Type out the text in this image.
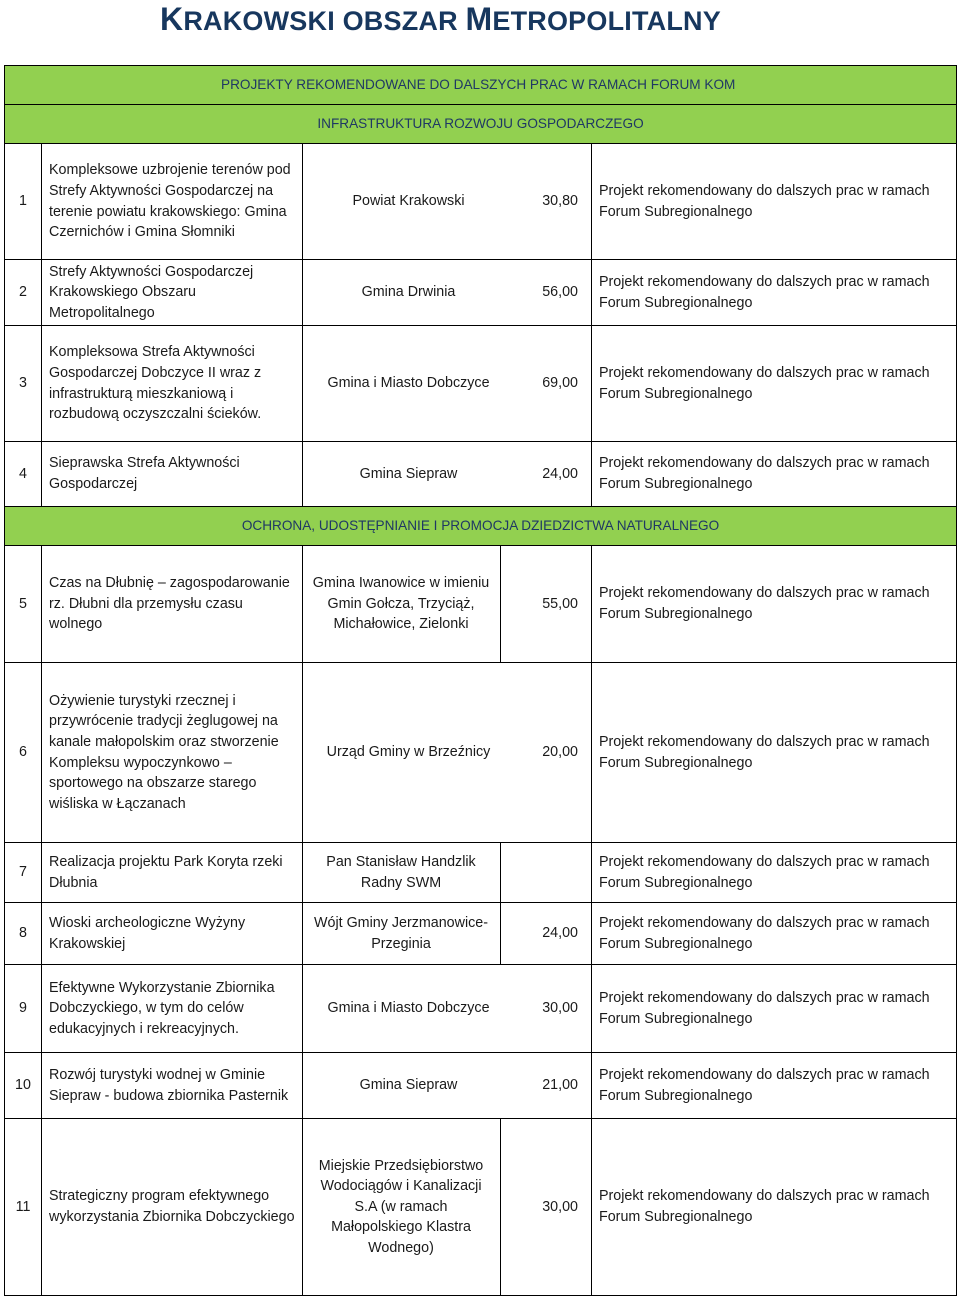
KRAKOWSKI OBSZAR METROPOLITALNY
PROJEKTY REKOMENDOWANE DO DALSZYCH PRAC W RAMACH FORUM KOM				
INFRASTRUKTURA ROZWOJU GOSPODARCZEGO				
1	Kompleksowe uzbrojenie terenów pod Strefy Aktywności Gospodarczej na terenie powiatu krakowskiego: Gmina Czernichów i Gmina Słomniki	Powiat Krakowski 30,80		Projekt rekomendowany do dalszych prac w ramach Forum Subregionalnego
2	Strefy Aktywności Gospodarczej Krakowskiego Obszaru Metropolitalnego	Gmina Drwinia 56,00		Projekt rekomendowany do dalszych prac w ramach Forum Subregionalnego
3	Kompleksowa Strefa Aktywności Gospodarczej Dobczyce II wraz z infrastrukturą mieszkaniową i rozbudową oczyszczalni ścieków.	Gmina i Miasto Dobczyce 69,00		Projekt rekomendowany do dalszych prac w ramach Forum Subregionalnego
4	Sieprawska Strefa Aktywności Gospodarczej	Gmina Siepraw 24,00		Projekt rekomendowany do dalszych prac w ramach Forum Subregionalnego
OCHRONA, UDOSTĘPNIANIE I PROMOCJA DZIEDZICTWA NATURALNEGO				
5	Czas na Dłubnię – zagospodarowanie rz. Dłubni dla przemysłu czasu wolnego	Gmina Iwanowice w imieniu Gmin Gołcza, Trzyciąż, Michałowice, Zielonki	55,00	Projekt rekomendowany do dalszych prac w ramach Forum Subregionalnego
6	Ożywienie turystyki rzecznej i przywrócenie tradycji żeglugowej na kanale małopolskim oraz stworzenie Kompleksu wypoczynkowo – sportowego na obszarze starego wiśliska w Łączanach	Urząd Gminy w Brzeźnicy 20,00		Projekt rekomendowany do dalszych prac w ramach Forum Subregionalnego
7	Realizacja projektu Park Koryta rzeki Dłubnia	Pan Stanisław Handzlik Radny SWM		Projekt rekomendowany do dalszych prac w ramach Forum Subregionalnego
8	Wioski archeologiczne Wyżyny Krakowskiej	Wójt Gminy Jerzmanowice-Przeginia	24,00	Projekt rekomendowany do dalszych prac w ramach Forum Subregionalnego
9	Efektywne Wykorzystanie Zbiornika Dobczyckiego, w tym do celów edukacyjnych i rekreacyjnych.	Gmina i Miasto Dobczyce 30,00		Projekt rekomendowany do dalszych prac w ramach Forum Subregionalnego
10	Rozwój turystyki wodnej w Gminie Siepraw - budowa zbiornika Pasternik	Gmina Siepraw 21,00		Projekt rekomendowany do dalszych prac w ramach Forum Subregionalnego
11	Strategiczny program efektywnego wykorzystania Zbiornika Dobczyckiego	Miejskie Przedsiębiorstwo Wodociągów i Kanalizacji S.A (w ramach Małopolskiego Klastra Wodnego)	30,00	Projekt rekomendowany do dalszych prac w ramach Forum Subregionalnego
